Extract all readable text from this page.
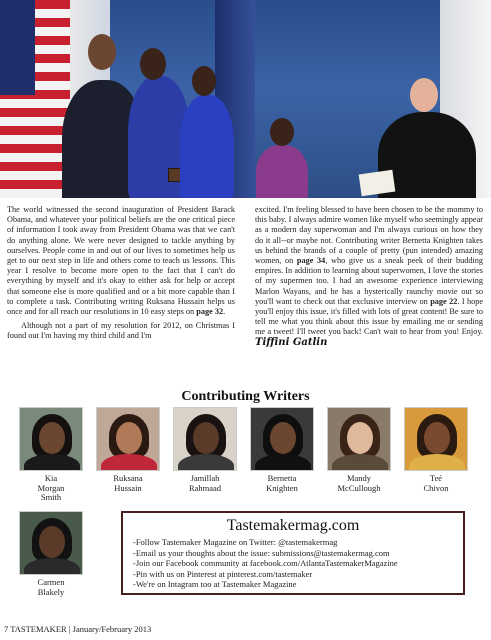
The world witnessed the second inauguration of President Barack Obama, and whatever your political beliefs are the one critical piece of information I took away from President Obama was that we can't do anything alone. We were never designed to tackle anything by ourselves. People come in and out of our lives to sometimes help us get to our next step in life and others come to teach us lessons. This year I resolve to become more open to the fact that I can't do everything by myself and it's okay to either ask for help or accept that someone else is more qualified and or a bit more capable than I to complete a task. Contributing writing Ruksana Hussain helps us once and for all reach our resolutions in 10 easy steps on page 32.

Although not a part of my resolution for 2012, on Christmas I found out I'm having my third child and I'm

excited. I'm feeling blessed to have been chosen to be the mommy to this baby. I always admire women like myself who seemingly appear as a modern day superwoman and I'm always curious on how they do it all--or maybe not. Contributing writer Bernetta Knighten takes us behind the brands of a couple of pretty (pun intended) amazing women, on page 34, who give us a sneak peek of their budding empires. In addition to learning about superwomen, I love the stories of my supermen too. I had an awesome experience interviewing Marlon Wayans, and he has a hysterically raunchy movie out so you'll want to check out that exclusive interview on page 22. I hope you'll enjoy this issue, it's filled with lots of great content! Be sure to tell me what you think about this issue by emailing me or sending me a tweet! I'll tweet you back! Can't wait to hear from you! Enjoy. Tiffini Gatlin

Contributing Writers
Kia
Morgan
Smith
Ruksana
Hussain
Jamillah
Rahmaad
Bernetta
Knighten
Mandy
McCullough
Teé
Chivon
Carmen
Blakely
Tastemakermag.com
-Follow Tastemaker Magazine on Twitter: @tastemakermag
-Email us your thoughts about the issue: submissions@tastemakermag.com
-Join our Facebook community at facebook.com/AtlantaTastemakerMagazine
-Pin with us on Pinterest at pinterest.com/tastemaker
-We're on Intagram too at Tastemaker Magazine
7 TASTEMAKER | January/February 2013
